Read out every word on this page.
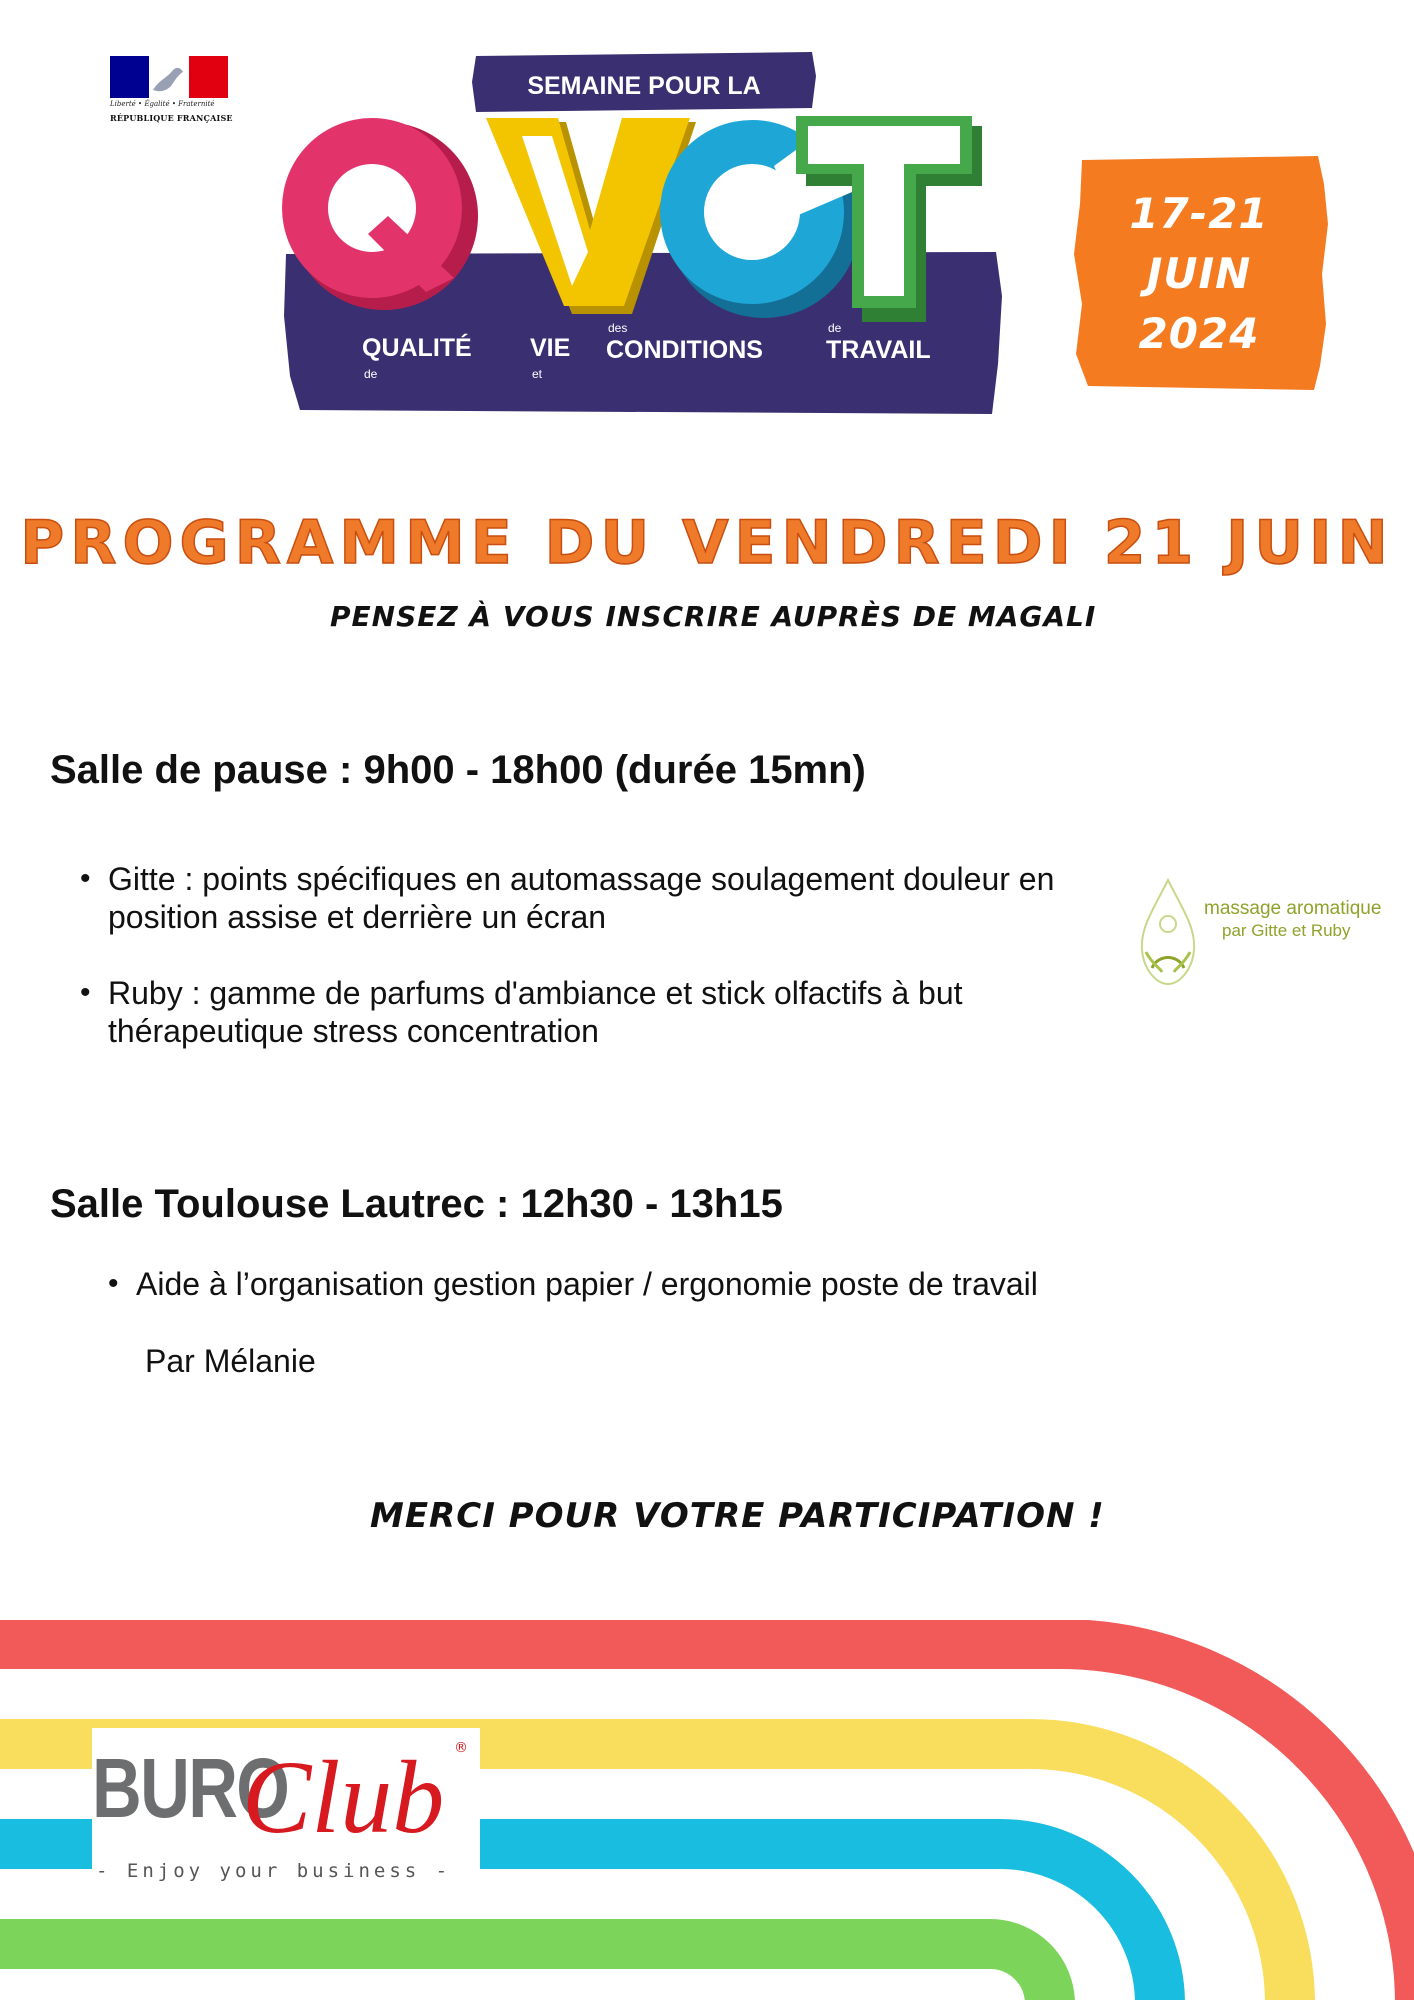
Liberté • Égalité • Fraternité
RÉPUBLIQUE FRANÇAISE
SEMAINE POUR LA
QUALITÉ
de
VIE
et
CONDITIONS
des
TRAVAIL
de
17-21
JUIN
2024
PROGRAMME DU VENDREDI 21 JUIN
PENSEZ À VOUS INSCRIRE AUPRÈS DE MAGALI
Salle de pause : 9h00 - 18h00 (durée 15mn)
• Gitte : points spécifiques en automassage soulagement douleur en position assise et derrière un écran
• Ruby : gamme de parfums d'ambiance et stick olfactifs à but thérapeutique stress concentration
massage aromatique
par Gitte et Ruby
Salle Toulouse Lautrec : 12h30 - 13h15
• Aide à l’organisation gestion papier / ergonomie poste de travail
Par Mélanie
MERCI POUR VOTRE PARTICIPATION !
BURO
Club ®
- Enjoy your business -
